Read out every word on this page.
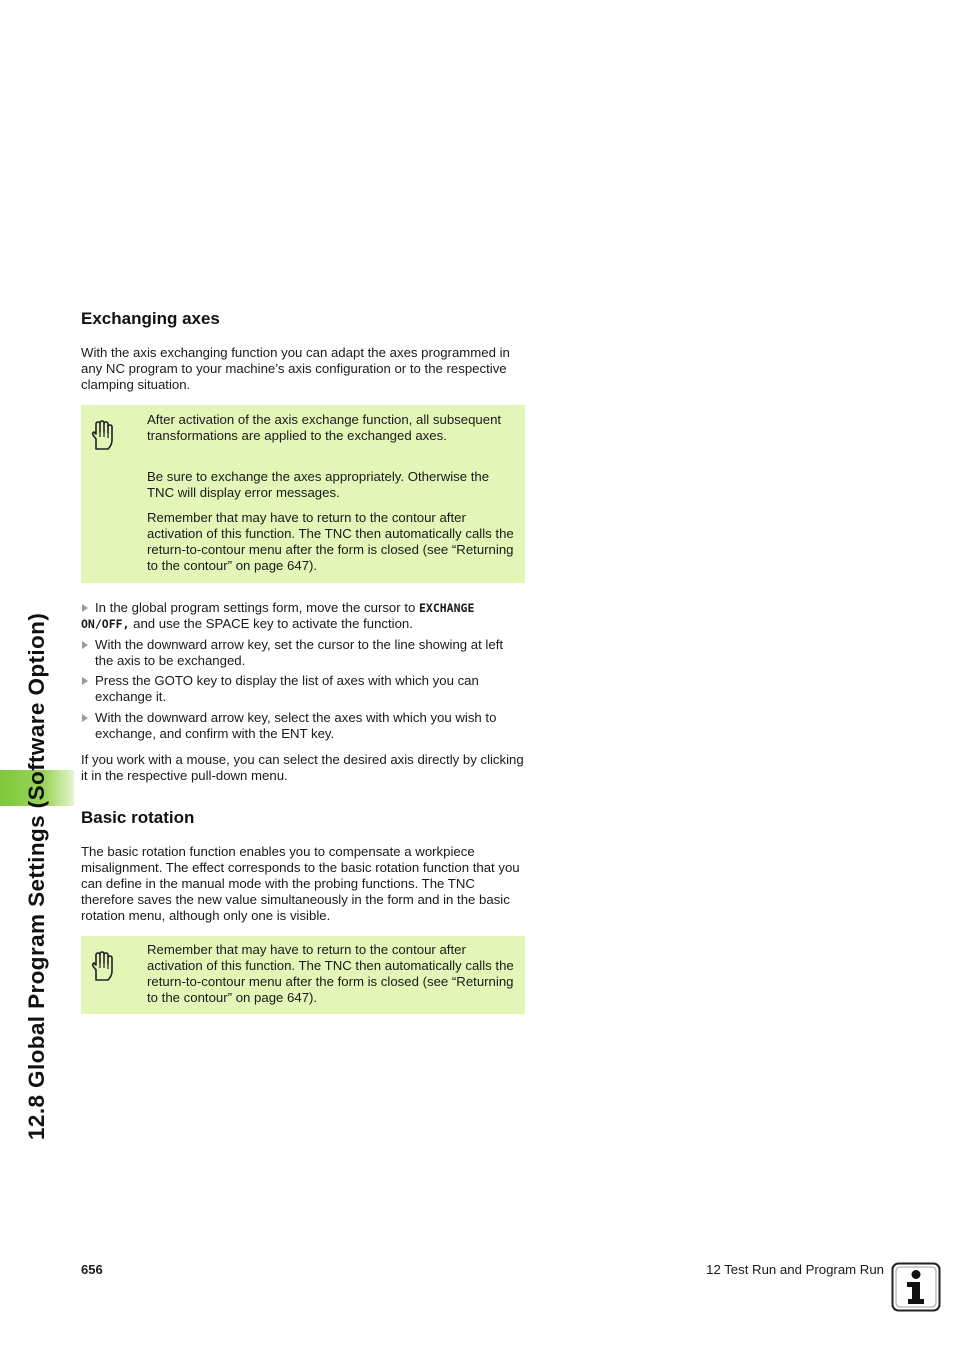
12.8 Global Program Settings (Software Option)
Exchanging axes

With the axis exchanging function you can adapt the axes programmed in any NC program to your machine’s axis configuration or to the respective clamping situation.

After activation of the axis exchange function, all subsequent transformations are applied to the exchanged axes.

Be sure to exchange the axes appropriately. Otherwise the TNC will display error messages.

Remember that may have to return to the contour after activation of this function. The TNC then automatically calls the return-to-contour menu after the form is closed (see “Returning to the contour” on page 647).

In the global program settings form, move the cursor to EXCHANGE
ON/OFF, and use the SPACE key to activate the function.
With the downward arrow key, set the cursor to the line showing at left the axis to be exchanged.
Press the GOTO key to display the list of axes with which you can exchange it.
With the downward arrow key, select the axes with which you wish to exchange, and confirm with the ENT key.

If you work with a mouse, you can select the desired axis directly by clicking it in the respective pull-down menu.

Basic rotation

The basic rotation function enables you to compensate a workpiece misalignment. The effect corresponds to the basic rotation function that you can define in the manual mode with the probing functions. The TNC therefore saves the new value simultaneously in the form and in the basic rotation menu, although only one is visible.

Remember that may have to return to the contour after activation of this function. The TNC then automatically calls the return-to-contour menu after the form is closed (see “Returning to the contour” on page 647).

656	12 Test Run and Program Run
